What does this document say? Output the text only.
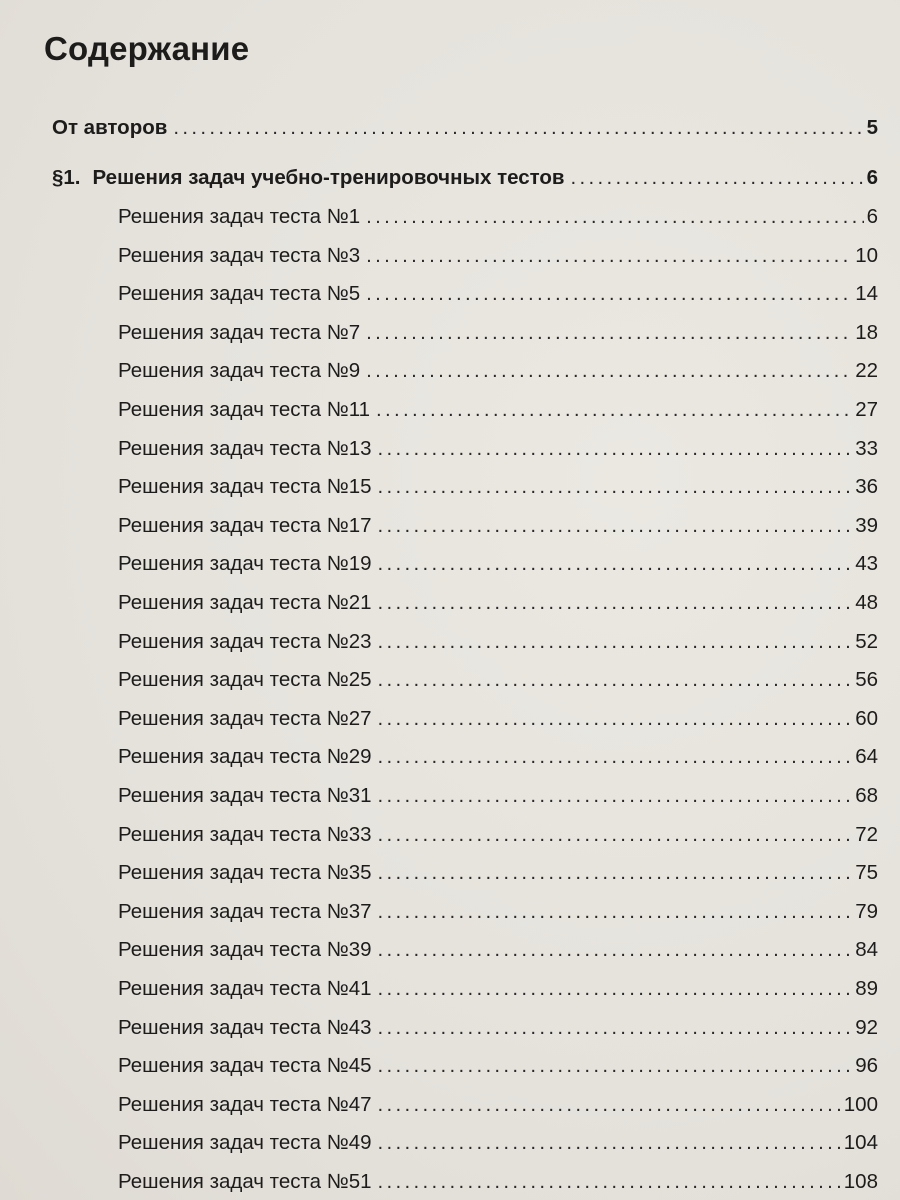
Содержание
От авторов . . .	5
§1. Решения задач учебно-тренировочных тестов . . .	6
Решения задач теста №1 . . .	6
Решения задач теста №3 . . .	10
Решения задач теста №5 . . .	14
Решения задач теста №7 . . .	18
Решения задач теста №9 . . .	22
Решения задач теста №11 . . .	27
Решения задач теста №13 . . .	33
Решения задач теста №15 . . .	36
Решения задач теста №17 . . .	39
Решения задач теста №19 . . .	43
Решения задач теста №21 . . .	48
Решения задач теста №23 . . .	52
Решения задач теста №25 . . .	56
Решения задач теста №27 . . .	60
Решения задач теста №29 . . .	64
Решения задач теста №31 . . .	68
Решения задач теста №33 . . .	72
Решения задач теста №35 . . .	75
Решения задач теста №37 . . .	79
Решения задач теста №39 . . .	84
Решения задач теста №41 . . .	89
Решения задач теста №43 . . .	92
Решения задач теста №45 . . .	96
Решения задач теста №47 . . .	100
Решения задач теста №49 . . .	104
Решения задач теста №51 . . .	108
